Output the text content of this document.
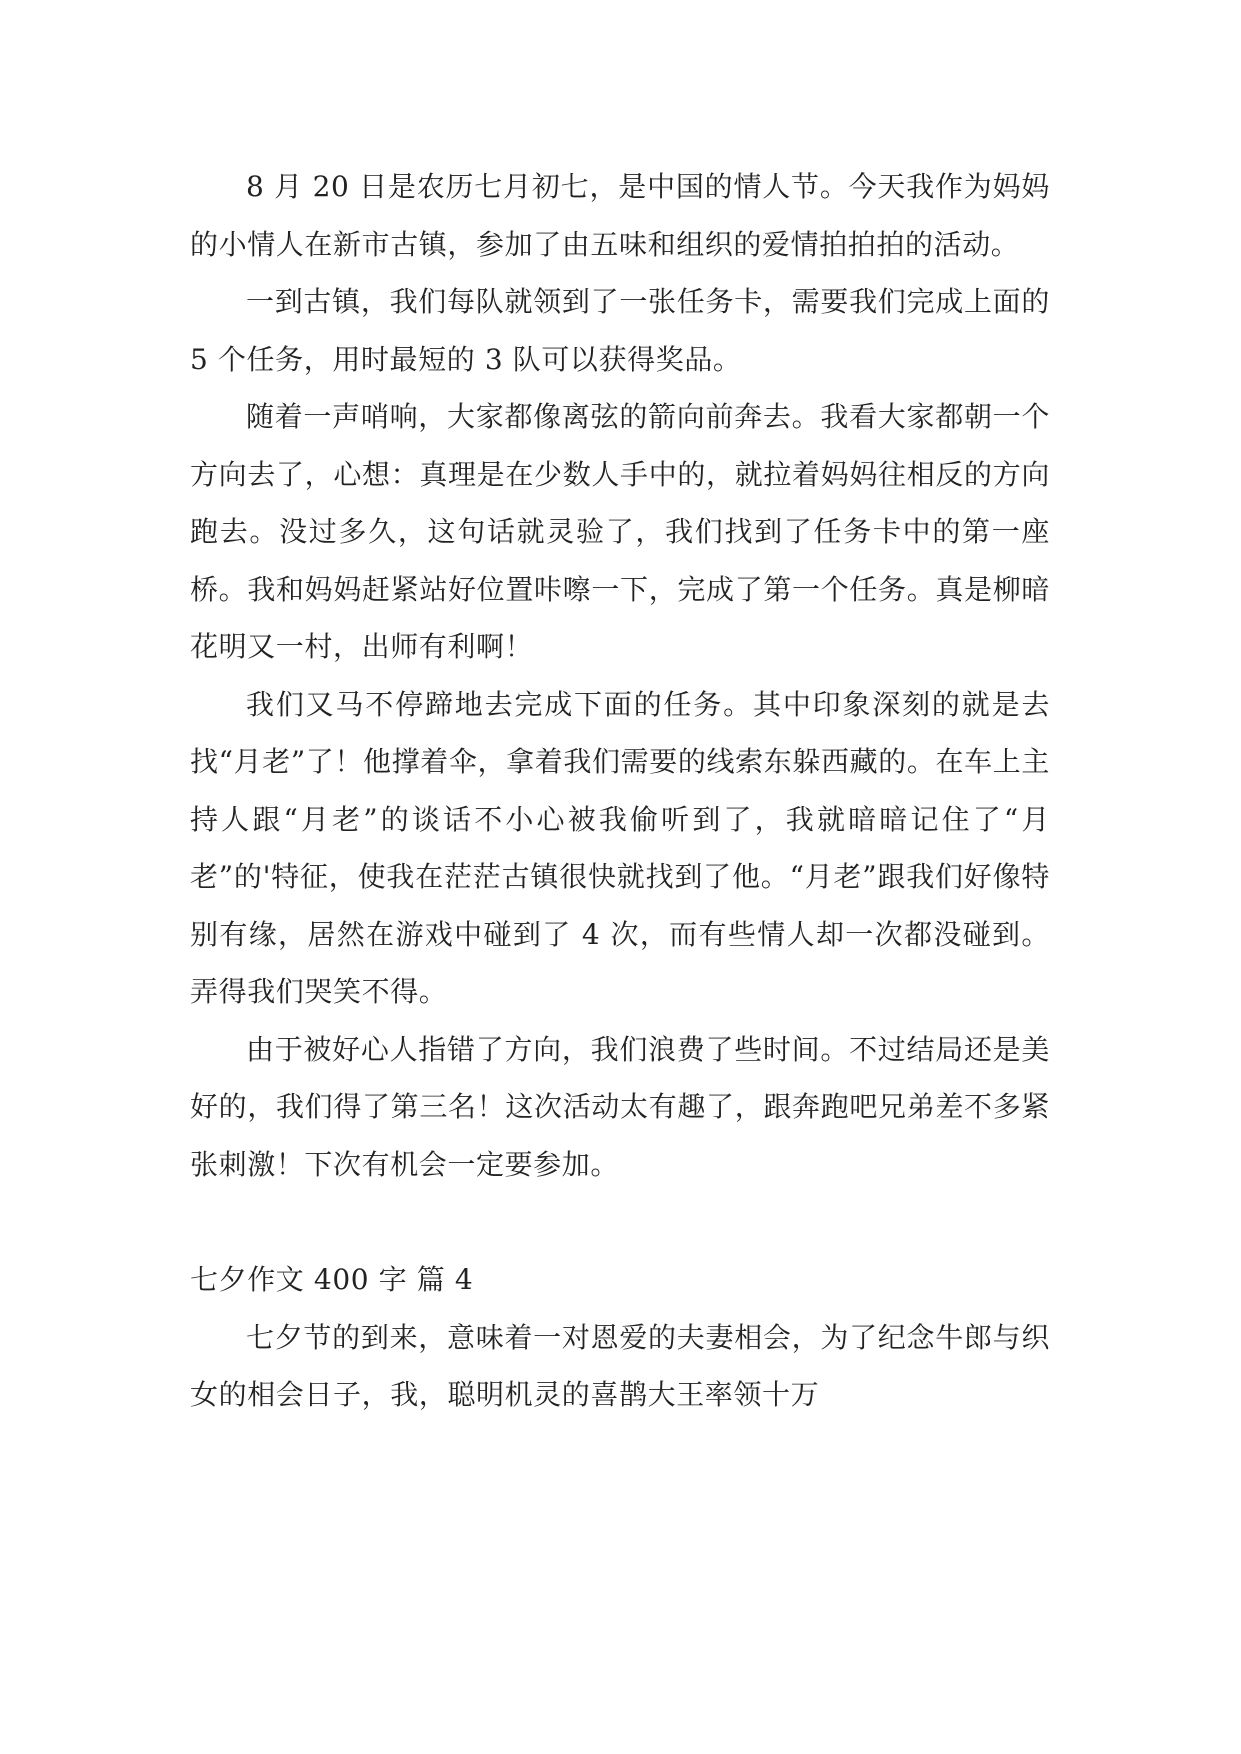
8 月 20 日是农历七月初七，是中国的情人节。今天我作为妈妈的小情人在新市古镇，参加了由五味和组织的爱情拍拍拍的活动。

一到古镇，我们每队就领到了一张任务卡，需要我们完成上面的 5 个任务，用时最短的 3 队可以获得奖品。

随着一声哨响，大家都像离弦的箭向前奔去。我看大家都朝一个方向去了，心想：真理是在少数人手中的，就拉着妈妈往相反的方向跑去。没过多久，这句话就灵验了，我们找到了任务卡中的第一座桥。我和妈妈赶紧站好位置咔嚓一下，完成了第一个任务。真是柳暗花明又一村，出师有利啊！

我们又马不停蹄地去完成下面的任务。其中印象深刻的就是去找“月老”了！他撑着伞，拿着我们需要的线索东躲西藏的。在车上主持人跟“月老”的谈话不小心被我偷听到了，我就暗暗记住了“月老”的'特征，使我在茫茫古镇很快就找到了他。“月老”跟我们好像特别有缘，居然在游戏中碰到了 4 次，而有些情人却一次都没碰到。弄得我们哭笑不得。

由于被好心人指错了方向，我们浪费了些时间。不过结局还是美好的，我们得了第三名！这次活动太有趣了，跟奔跑吧兄弟差不多紧张刺激！下次有机会一定要参加。

七夕作文 400 字 篇 4

七夕节的到来，意味着一对恩爱的夫妻相会，为了纪念牛郎与织女的相会日子，我，聪明机灵的喜鹊大王率领十万
